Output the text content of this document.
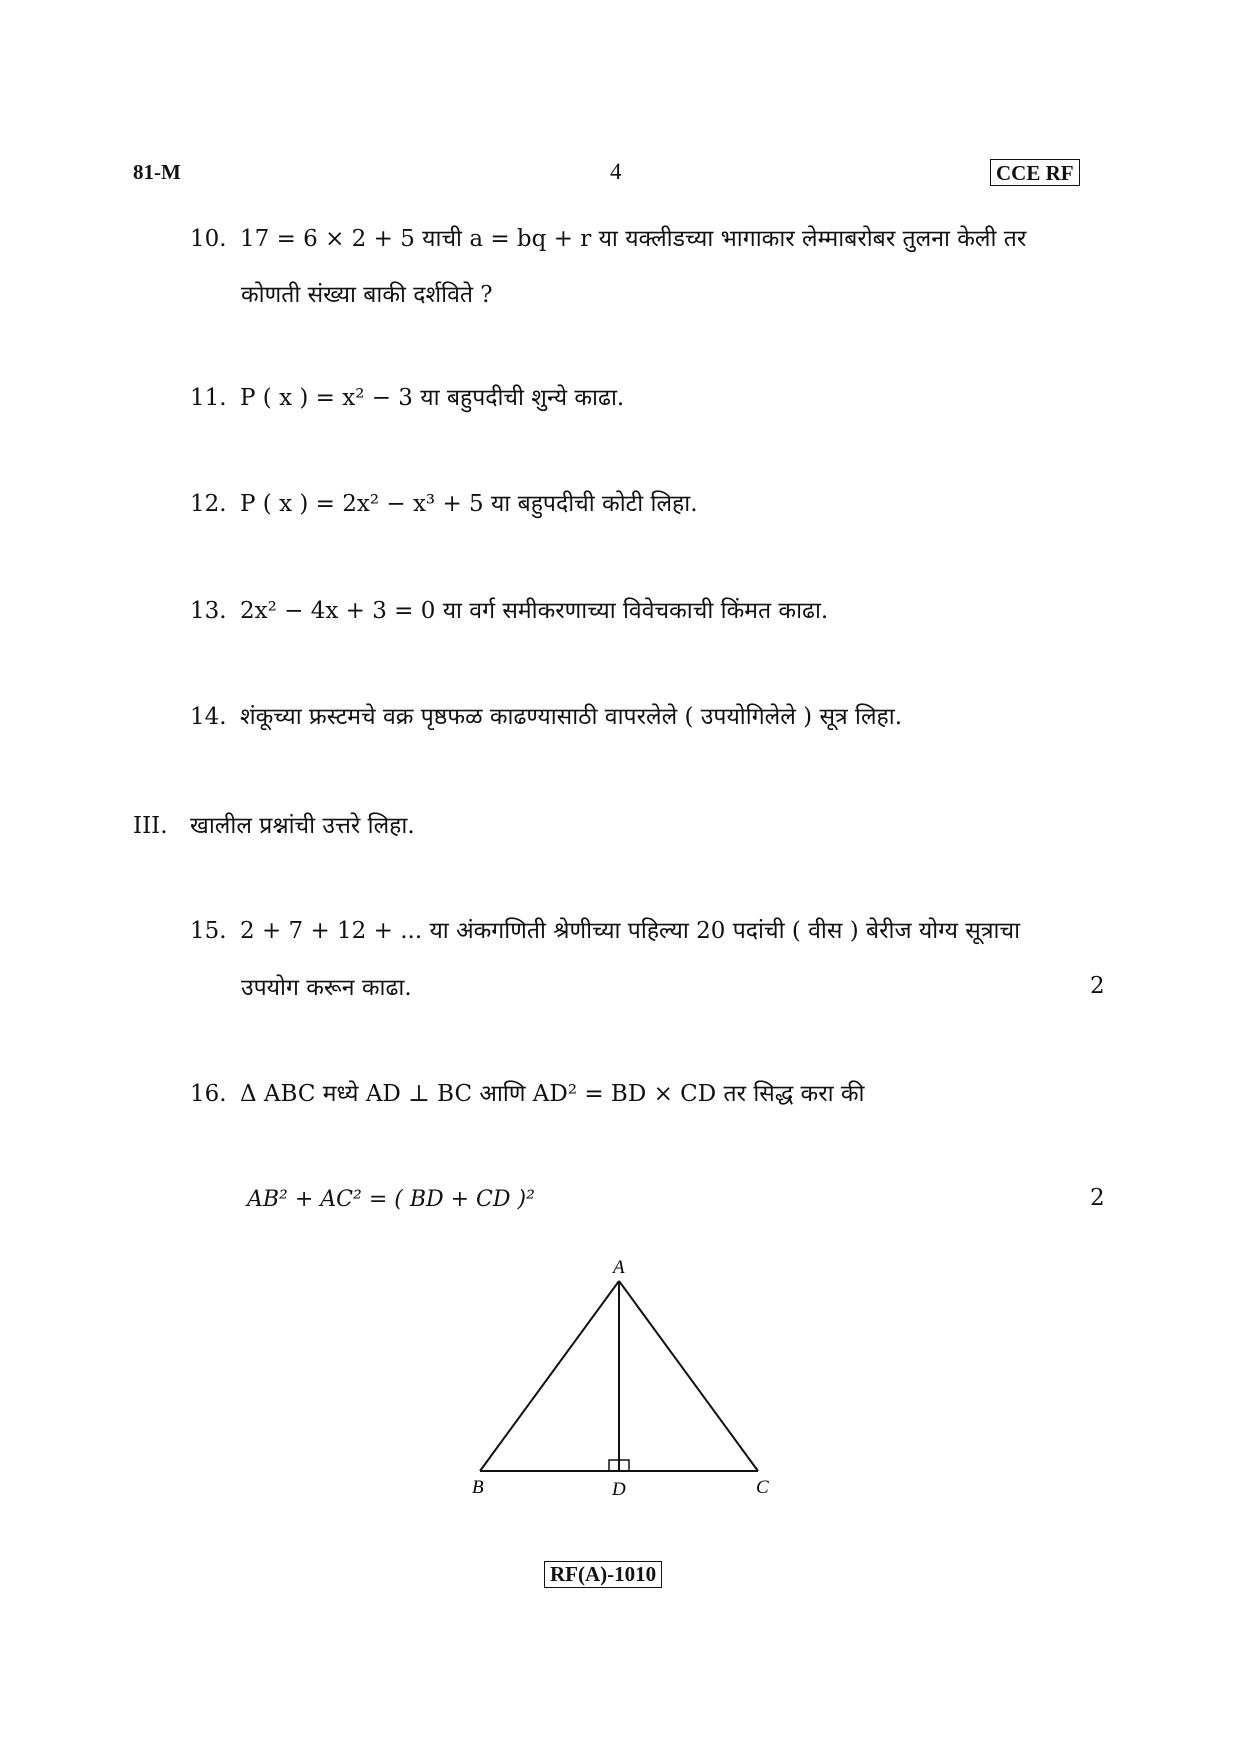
81-M	4	CCE RF
10. 17 = 6 × 2 + 5 याची a = bq + r या यक्लीडच्या भागाकार लेम्माबरोबर तुलना केली तर
कोणती संख्या बाकी दर्शविते ?
11. P ( x ) = x² − 3 या बहुपदीची शुन्ये काढा.
12. P ( x ) = 2x² − x³ + 5 या बहुपदीची कोटी लिहा.
13. 2x² − 4x + 3 = 0 या वर्ग समीकरणाच्या विवेचकाची किंमत काढा.
14. शंकूच्या फ्रस्टमचे वक्र पृष्ठफळ काढण्यासाठी वापरलेले ( उपयोगिलेले ) सूत्र लिहा.
III. खालील प्रश्नांची उत्तरे लिहा.
15. 2 + 7 + 12 + ... या अंकगणिती श्रेणीच्या पहिल्या 20 पदांची ( वीस ) बेरीज योग्य सूत्राचा
उपयोग करून काढा.	2
16. Δ ABC मध्ये AD ⊥ BC आणि AD² = BD × CD तर सिद्ध करा की
AB² + AC² = ( BD + CD )²	2
A
B	D	C
RF(A)-1010
